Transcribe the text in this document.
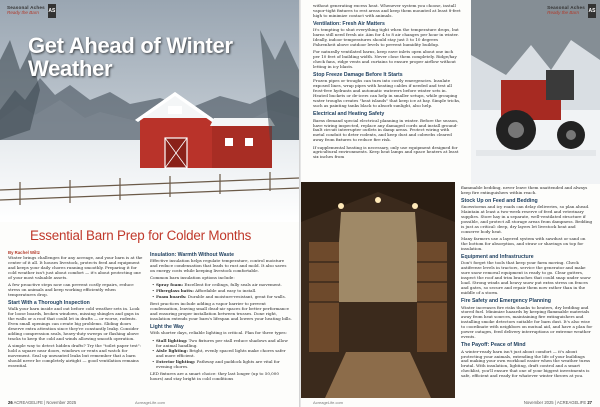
Seasonal Aches
Ready the Barn	AS
Get Ahead of Winter Weather
Essential Barn Prep for Colder Months
By Rachel Wiltz

Winter brings challenges for any acreage, and your barn is at the center of it all. It houses livestock, protects feed and equipment and keeps your daily chores running smoothly. Preparing it for cold weather isn't just about comfort — it's about protecting one of your most valuable assets.

A few proactive steps now can prevent costly repairs, reduce stress on animals and keep working efficiently when temperatures drop.

Start With a Thorough Inspection

Walk your barn inside and out before cold weather sets in. Look for loose boards, broken windows, missing shingles and gaps in the walls or a roof that could let in drafts — or worse, rodents. Even small openings can create big problems. Sliding doors deserve extra attention since they're constantly leaky. Consider adding compression seals, heavy-duty sweeps or flashing above tracks to keep the cold and winds allowing smooth operation.

A simple way to detect hidden drafts? Try the "toilet paper test": hold a square near doors, windows or vents and watch for movement. Seal up unwanted leaks but remember that a barn should never be completely airtight — good ventilation remains essential.

Insulation: Warmth Without Waste

Effective insulation helps regulate temperature, control moisture and reduce condensation that leads to rust and mold. It also saves on energy costs while keeping livestock comfortable.

Common barn insulation options include:

• Spray foam: Excellent for ceilings, fully seals air movement.
• Fiberglass batts: Affordable and easy to install.
• Foam boards: Durable and moisture-resistant, great for walls.

Best practices include adding a vapor barrier to prevent condensation, leaving small dead-air spaces for better performance and ensuring proper installation between trusses. Done right, insulation extends your barn's lifespan and lowers your heating bills.

Light the Way

With shorter days, reliable lighting is critical. Plan for three types:

• Stall lighting: Two fixtures per stall reduce shadows and allow for animal handling.
• Aisle lighting: Bright, evenly spaced lights make chores safer and more efficient.
• Exterior lighting: Pathway and paddock lights are vital for evening chores.

LED fixtures are a smart choice: they last longer (up to 50,000 hours) and stay bright in cold conditions

26 ACREAGELIFE | November 2025	AcreageLife.com
Seasonal Aches
Ready the Barn	AS

without generating excess heat. Whenever system you choose, install vapor-tight fixtures to rest areas and keep them mounted at least 8-feet high to minimize contact with animals.

Ventilation: Fresh Air Matters

It's tempting to shut everything tight when the temperature drops, but barns still need fresh air. Aim for 4 to 8 air changes per hour in winter. Ideally, indoor temperatures should stay just 5 to 10 degrees Fahrenheit above outdoor levels to prevent humidity buildup.

For naturally ventilated barns, keep eave inlets open about one inch per 10 feet of building width. Never close them completely. Ridge/hay check fans, ridge vents and curtains to ensure proper airflow without letting in icy blasts.

Stop Freeze Damage Before It Starts

Frozen pipes or troughs can turn into costly emergencies. Insulate exposed lines, wrap pipes with heating cables if needed and test all frost-free hydrants and automatic waterers before winter sets in. Heated buckets or de-icers can help in smaller setups, while grouping water troughs creates "heat islands" that keep ice at bay. Simple tricks, such as painting tanks black to absorb sunlight, also help.

Electrical and Heating Safety

Barns demand special electrical planning in winter. Before the season, have wiring inspected, replace any damaged cords and install ground-fault circuit interrupter outlets in damp areas. Protect wiring with metal conduit to deter rodents, and keep dust and cobwebs cleared away from fixtures to reduce fire risk.

If supplemental heating is necessary, only use equipment designed for agricultural environments. Keep heat lamps and space heaters at least six inches from

flammable bedding, never leave them unattended and always keep fire extinguishers within reach.

Stock Up on Feed and Bedding

Snowstorms and icy roads can delay deliveries, so plan ahead. Maintain at least a two-week reserve of feed and veterinary supplies. Store hay in a separate, well-ventilated structure if possible, and protect all storage areas from dampness. Bedding is just as critical: deep, dry layers let livestock heat and conserve body heat.

Many farmers use a layered system with sawdust or sand on the bottom for absorption, and straw or shavings on top for insulation.

Equipment and Infrastructure

Don't forget the tools that keep your farm moving. Check antifreeze levels in tractors, service the generator and make sure snow removal equipment is ready to go. Clear gutters, inspect the roof and trim branches that could snap under snow load. Strong winds and heavy snow put extra stress on fences and gates, so secure and repair them now rather than in the middle of a storm.

Fire Safety and Emergency Planning

Winter increases fire risks thanks to heaters, dry bedding and stored fuel. Minimize hazards by keeping flammable materials away from heat sources, maintaining fire extinguishers and installing smoke detectors suitable for barn dust. It's also wise to coordinate with neighbors on mutual aid, and have a plan for power outages, feed delivery interruptions or extreme weather events.

The Payoff: Peace of Mind

A winter-ready barn isn't just about comfort — it's about protecting your animals, extending the life of your buildings and making your own workload easier when the weather turns brutal. With insulation, lighting, draft control and a smart checklist, you'll ensure that one of your biggest investments is safe, efficient and ready for whatever winter throws at you.

AcreageLife.com	November 2025 | ACREAGELIFE 27
